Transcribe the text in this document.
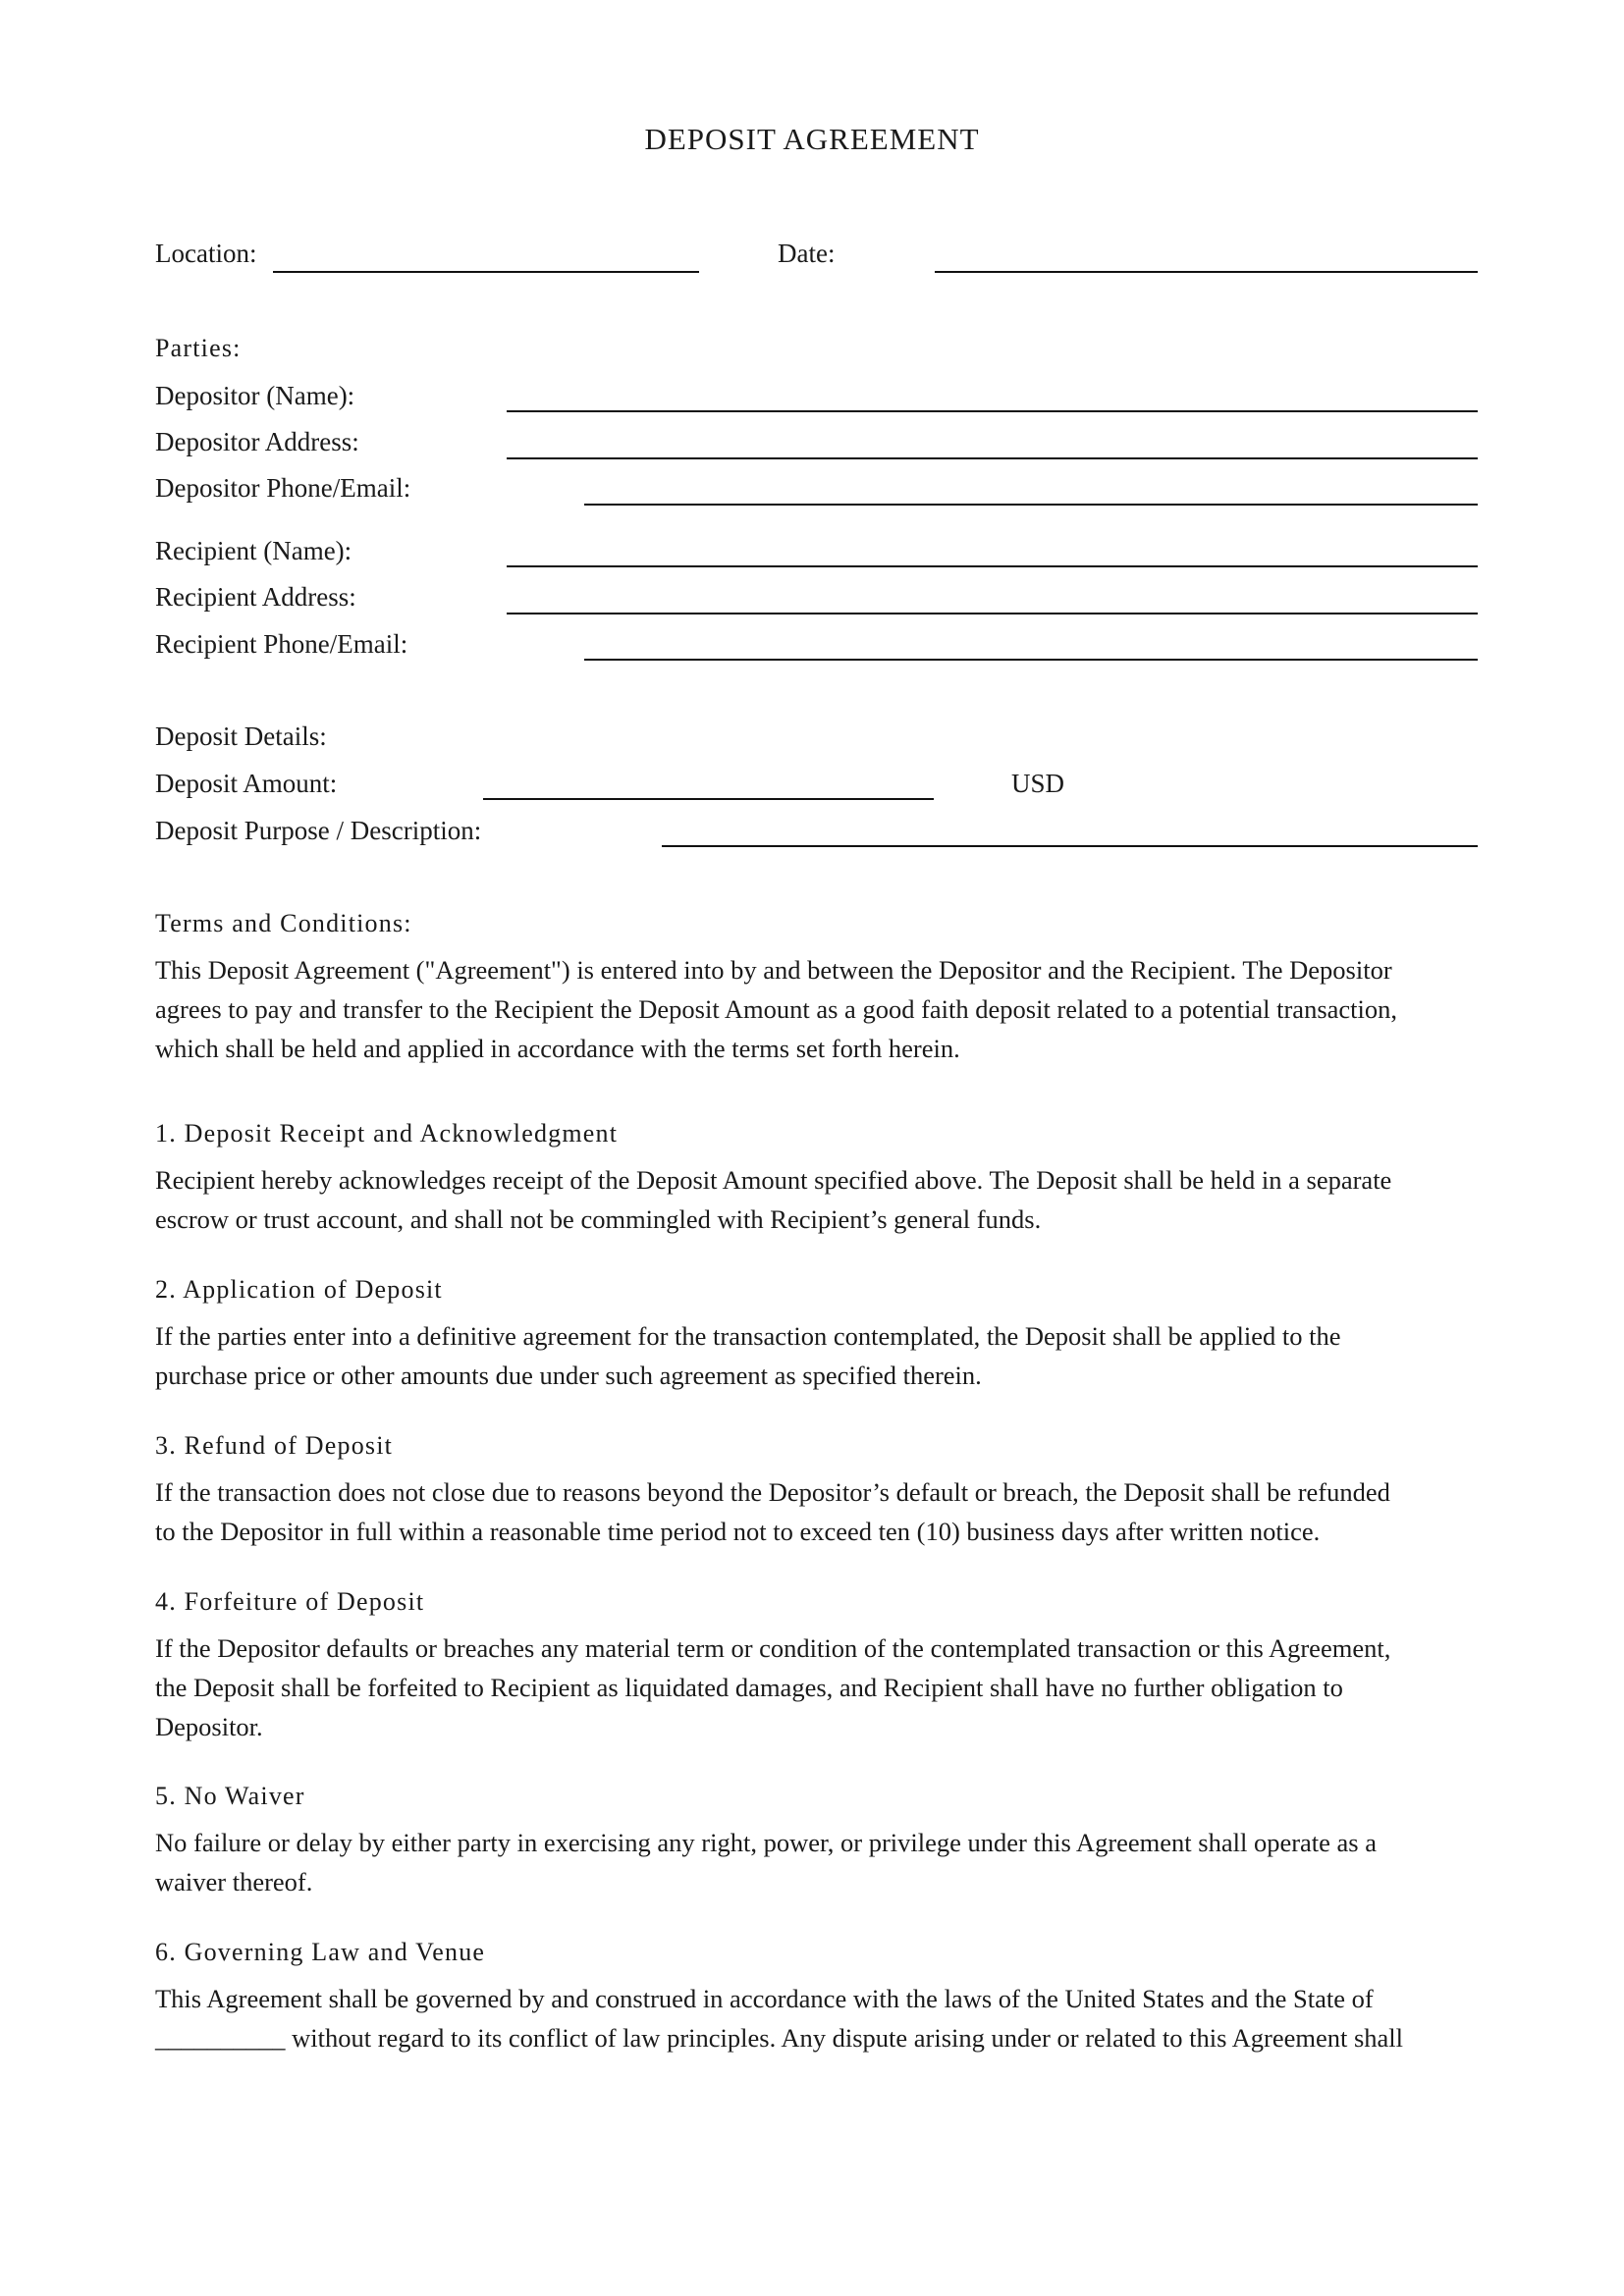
DEPOSIT AGREEMENT
Location:	Date:
Parties:
Depositor (Name):
Depositor Address:
Depositor Phone/Email:
Recipient (Name):
Recipient Address:
Recipient Phone/Email:
Deposit Details:
Deposit Amount:	USD
Deposit Purpose / Description:
Terms and Conditions:
This Deposit Agreement ("Agreement") is entered into by and between the Depositor and the Recipient. The Depositor
agrees to pay and transfer to the Recipient the Deposit Amount as a good faith deposit related to a potential transaction,
which shall be held and applied in accordance with the terms set forth herein.
1. Deposit Receipt and Acknowledgment
Recipient hereby acknowledges receipt of the Deposit Amount specified above. The Deposit shall be held in a separate
escrow or trust account, and shall not be commingled with Recipient’s general funds.
2. Application of Deposit
If the parties enter into a definitive agreement for the transaction contemplated, the Deposit shall be applied to the
purchase price or other amounts due under such agreement as specified therein.
3. Refund of Deposit
If the transaction does not close due to reasons beyond the Depositor’s default or breach, the Deposit shall be refunded
to the Depositor in full within a reasonable time period not to exceed ten (10) business days after written notice.
4. Forfeiture of Deposit
If the Depositor defaults or breaches any material term or condition of the contemplated transaction or this Agreement,
the Deposit shall be forfeited to Recipient as liquidated damages, and Recipient shall have no further obligation to
Depositor.
5. No Waiver
No failure or delay by either party in exercising any right, power, or privilege under this Agreement shall operate as a
waiver thereof.
6. Governing Law and Venue
This Agreement shall be governed by and construed in accordance with the laws of the United States and the State of
__________ without regard to its conflict of law principles. Any dispute arising under or related to this Agreement shall
